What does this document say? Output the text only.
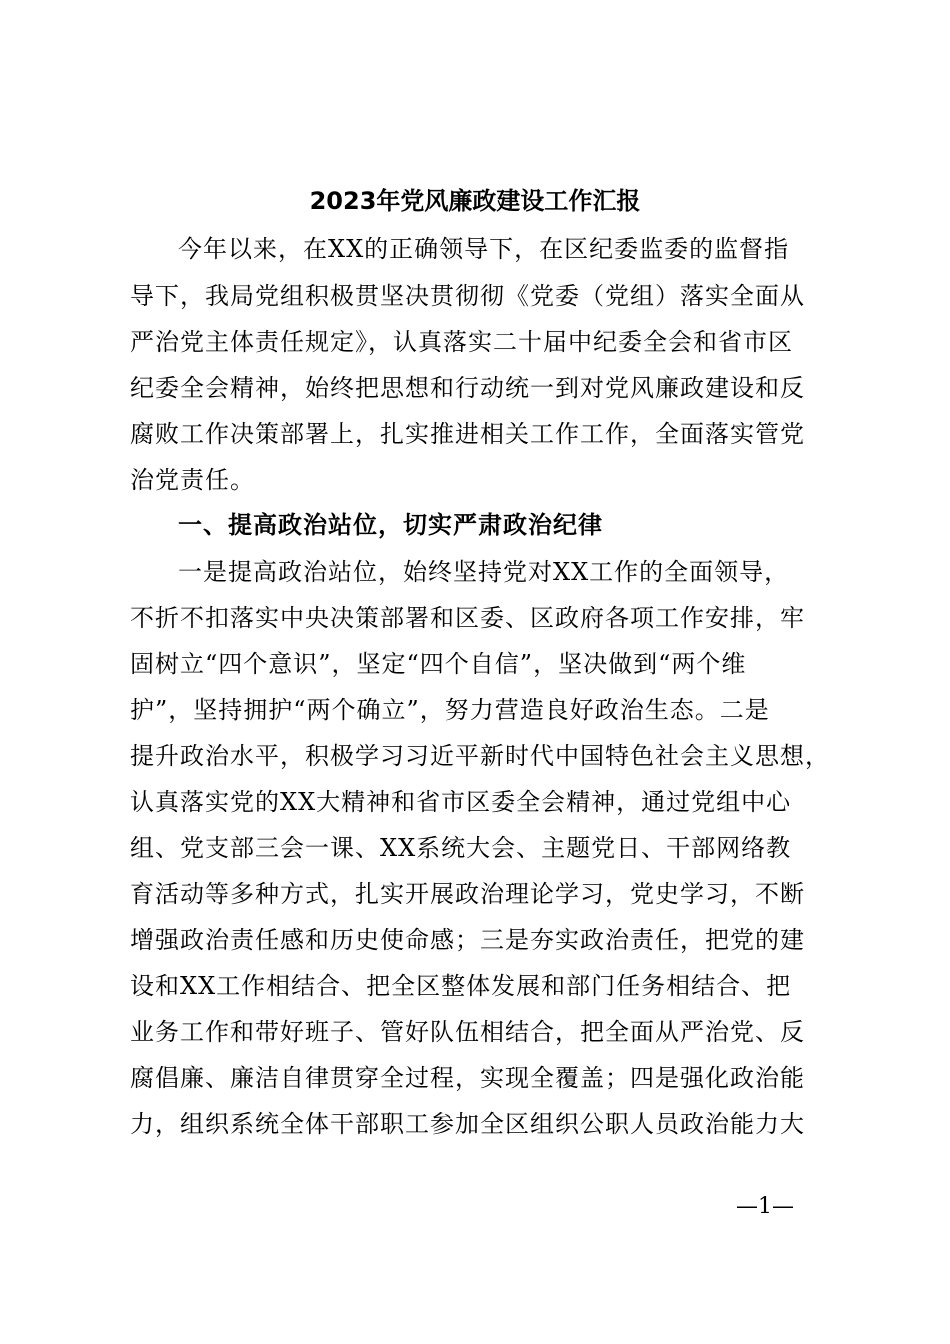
2023年党风廉政建设工作汇报

今年以来，在XX的正确领导下，在区纪委监委的监督指

导下，我局党组积极贯坚决贯彻彻《党委（党组）落实全面从

严治党主体责任规定》，认真落实二十届中纪委全会和省市区

纪委全会精神，始终把思想和行动统一到对党风廉政建设和反

腐败工作决策部署上，扎实推进相关工作工作，全面落实管党

治党责任。

一、提高政治站位，切实严肃政治纪律

一是提高政治站位，始终坚持党对XX工作的全面领导，

不折不扣落实中央决策部署和区委、区政府各项工作安排，牢

固树立“四个意识”，坚定“四个自信”，坚决做到“两个维

护”，坚持拥护“两个确立”，努力营造良好政治生态。二是

提升政治水平，积极学习习近平新时代中国特色社会主义思想，

认真落实党的XX大精神和省市区委全会精神，通过党组中心

组、党支部三会一课、XX系统大会、主题党日、干部网络教

育活动等多种方式，扎实开展政治理论学习，党史学习，不断

增强政治责任感和历史使命感；三是夯实政治责任，把党的建

设和XX工作相结合、把全区整体发展和部门任务相结合、把

业务工作和带好班子、管好队伍相结合，把全面从严治党、反

腐倡廉、廉洁自律贯穿全过程，实现全覆盖；四是强化政治能

力，组织系统全体干部职工参加全区组织公职人员政治能力大

—1—
